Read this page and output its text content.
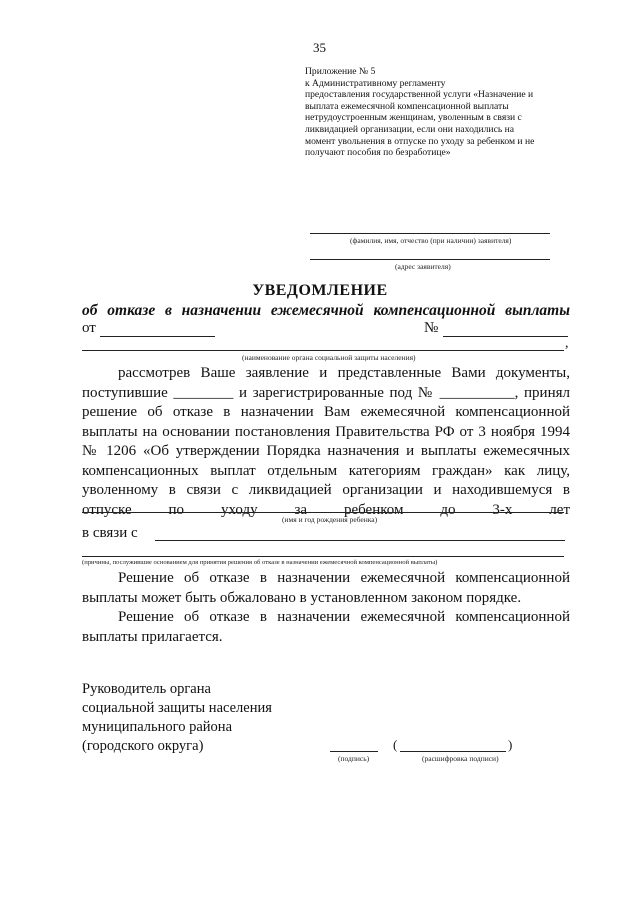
35
Приложение № 5
к Административному регламенту
предоставления государственной услуги «Назначение и
выплата ежемесячной компенсационной выплаты
нетрудоустроенным женщинам, уволенным в связи с
ликвидацией организации, если они находились на
момент увольнения в отпуске по уходу за ребенком и не
получают пособия по безработице»
(фамилия, имя, отчество (при наличии) заявителя)
(адрес заявителя)
УВЕДОМЛЕНИЕ
об отказе в назначении ежемесячной компенсационной выплаты
от	№
,
(наименование органа социальной защиты населения)
рассмотрев Ваше заявление и представленные Вами документы,
поступившие ________ и зарегистрированные под № __________, принял
решение об отказе в назначении Вам ежемесячной компенсационной
выплаты на основании постановления Правительства РФ от 3 ноября 1994
№ 1206 «Об утверждении Порядка назначения и выплаты ежемесячных
компенсационных выплат отдельным категориям граждан» как лицу,
уволенному в связи с ликвидацией организации и находившемуся в
отпуске по уходу за ребенком до 3-х лет
(имя и год рождения ребенка)
в связи с
(причины, послужившие основанием для принятия решения об отказе в назначении ежемесячной компенсационной выплаты)
Решение об отказе в назначении ежемесячной компенсационной
выплаты может быть обжаловано в установленном законом порядке.
Решение об отказе в назначении ежемесячной компенсационной
выплаты прилагается.
Руководитель органа
социальной защиты населения
муниципального района
(городского округа)
(подпись)
(	)
(расшифровка подписи)
